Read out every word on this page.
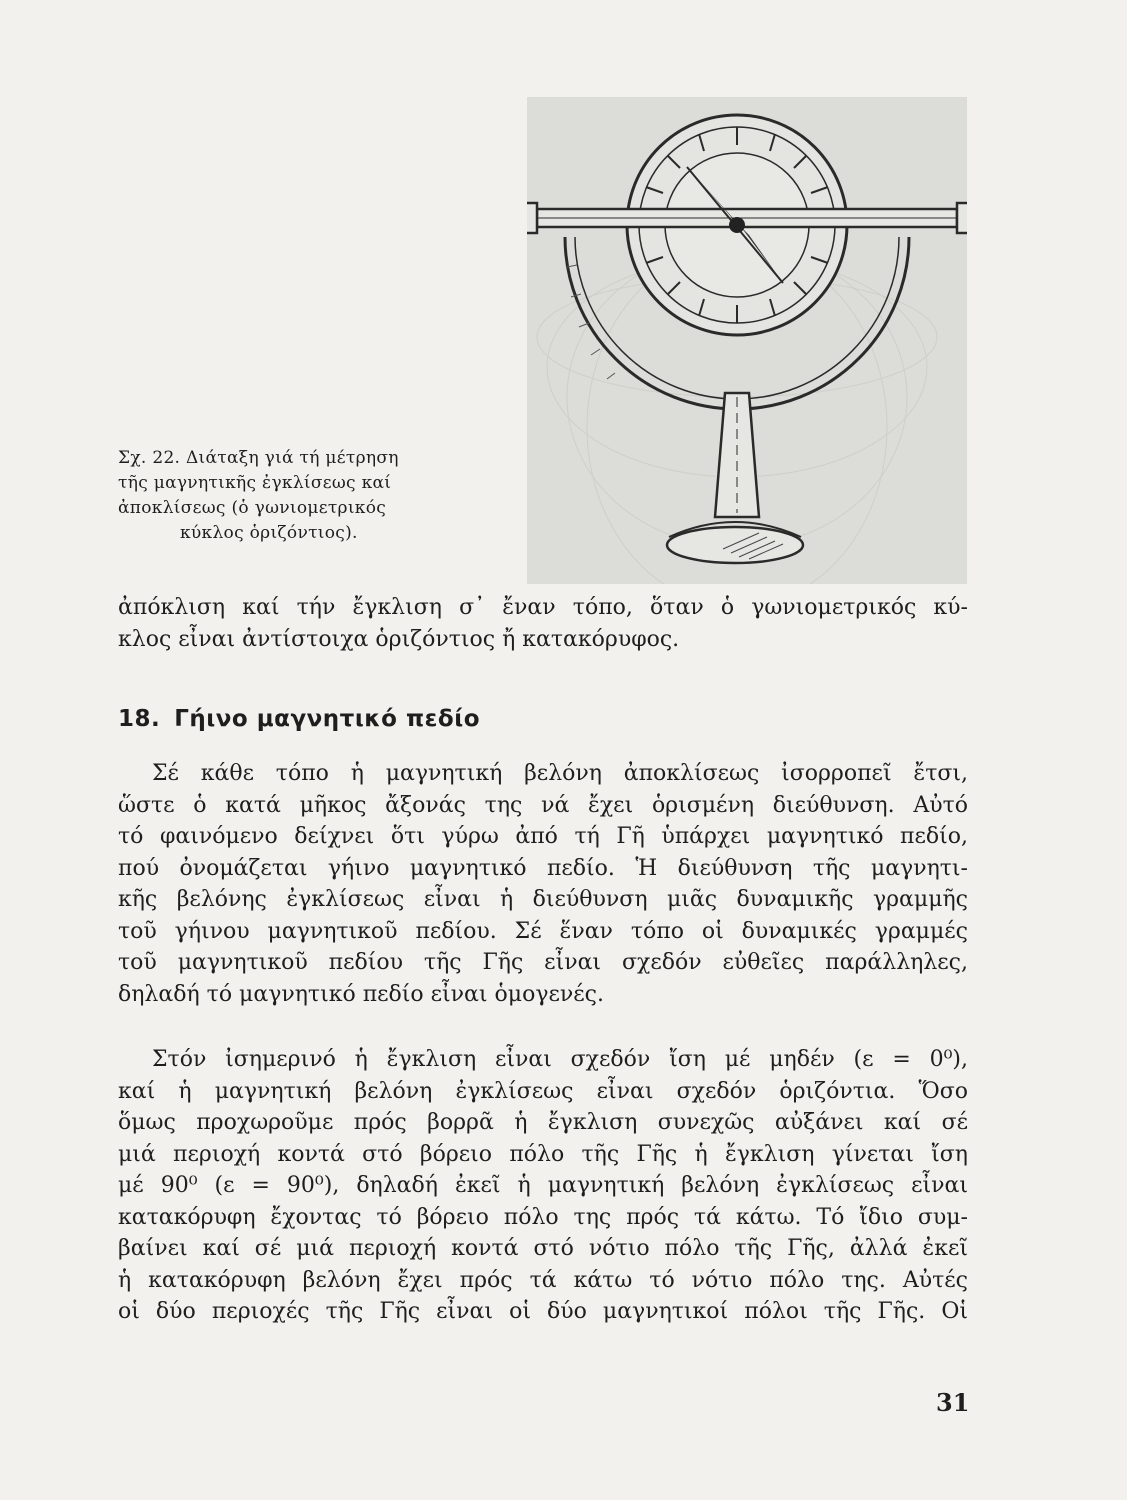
Σχ. 22. Διάταξη γιά τή μέτρηση
τῆς μαγνητικῆς ἐγκλίσεως καί
ἀποκλίσεως (ὁ γωνιομετρικός
κύκλος ὁριζόντιος).
ἀπόκλιση καί τήν ἔγκλιση σ᾽ ἔναν τόπο, ὅταν ὁ γωνιομετρικός κύ-
κλος εἶναι ἀντίστοιχα ὁριζόντιος ἤ κατακόρυφος.
18. Γήινο μαγνητικό πεδίο
Σέ κάθε τόπο ἡ μαγνητική βελόνη ἀποκλίσεως ἰσορροπεῖ ἔτσι,
ὥστε ὁ κατά μῆκος ἄξονάς της νά ἔχει ὁρισμένη διεύθυνση. Αὐτό
τό φαινόμενο δείχνει ὅτι γύρω ἀπό τή Γῆ ὑπάρχει μαγνητικό πεδίο,
πού ὀνομάζεται γήινο μαγνητικό πεδίο. Ἡ διεύθυνση τῆς μαγνητι-
κῆς βελόνης ἐγκλίσεως εἶναι ἡ διεύθυνση μιᾶς δυναμικῆς γραμμῆς
τοῦ γήινου μαγνητικοῦ πεδίου. Σέ ἕναν τόπο οἱ δυναμικές γραμμές
τοῦ μαγνητικοῦ πεδίου τῆς Γῆς εἶναι σχεδόν εὐθεῖες παράλληλες,
δηλαδή τό μαγνητικό πεδίο εἶναι ὁμογενές.
Στόν ἰσημερινό ἡ ἔγκλιση εἶναι σχεδόν ἴση μέ μηδέν (ε = 0⁰),
καί ἡ μαγνητική βελόνη ἐγκλίσεως εἶναι σχεδόν ὁριζόντια. Ὅσο
ὅμως προχωροῦμε πρός βορρᾶ ἡ ἔγκλιση συνεχῶς αὐξάνει καί σέ
μιά περιοχή κοντά στό βόρειο πόλο τῆς Γῆς ἡ ἔγκλιση γίνεται ἴση
μέ 90⁰ (ε = 90⁰), δηλαδή ἐκεῖ ἡ μαγνητική βελόνη ἐγκλίσεως εἶναι
κατακόρυφη ἔχοντας τό βόρειο πόλο της πρός τά κάτω. Τό ἴδιο συμ-
βαίνει καί σέ μιά περιοχή κοντά στό νότιο πόλο τῆς Γῆς, ἀλλά ἐκεῖ
ἡ κατακόρυφη βελόνη ἔχει πρός τά κάτω τό νότιο πόλο της. Αὐτές
οἱ δύο περιοχές τῆς Γῆς εἶναι οἱ δύο μαγνητικοί πόλοι τῆς Γῆς. Οἱ
31
